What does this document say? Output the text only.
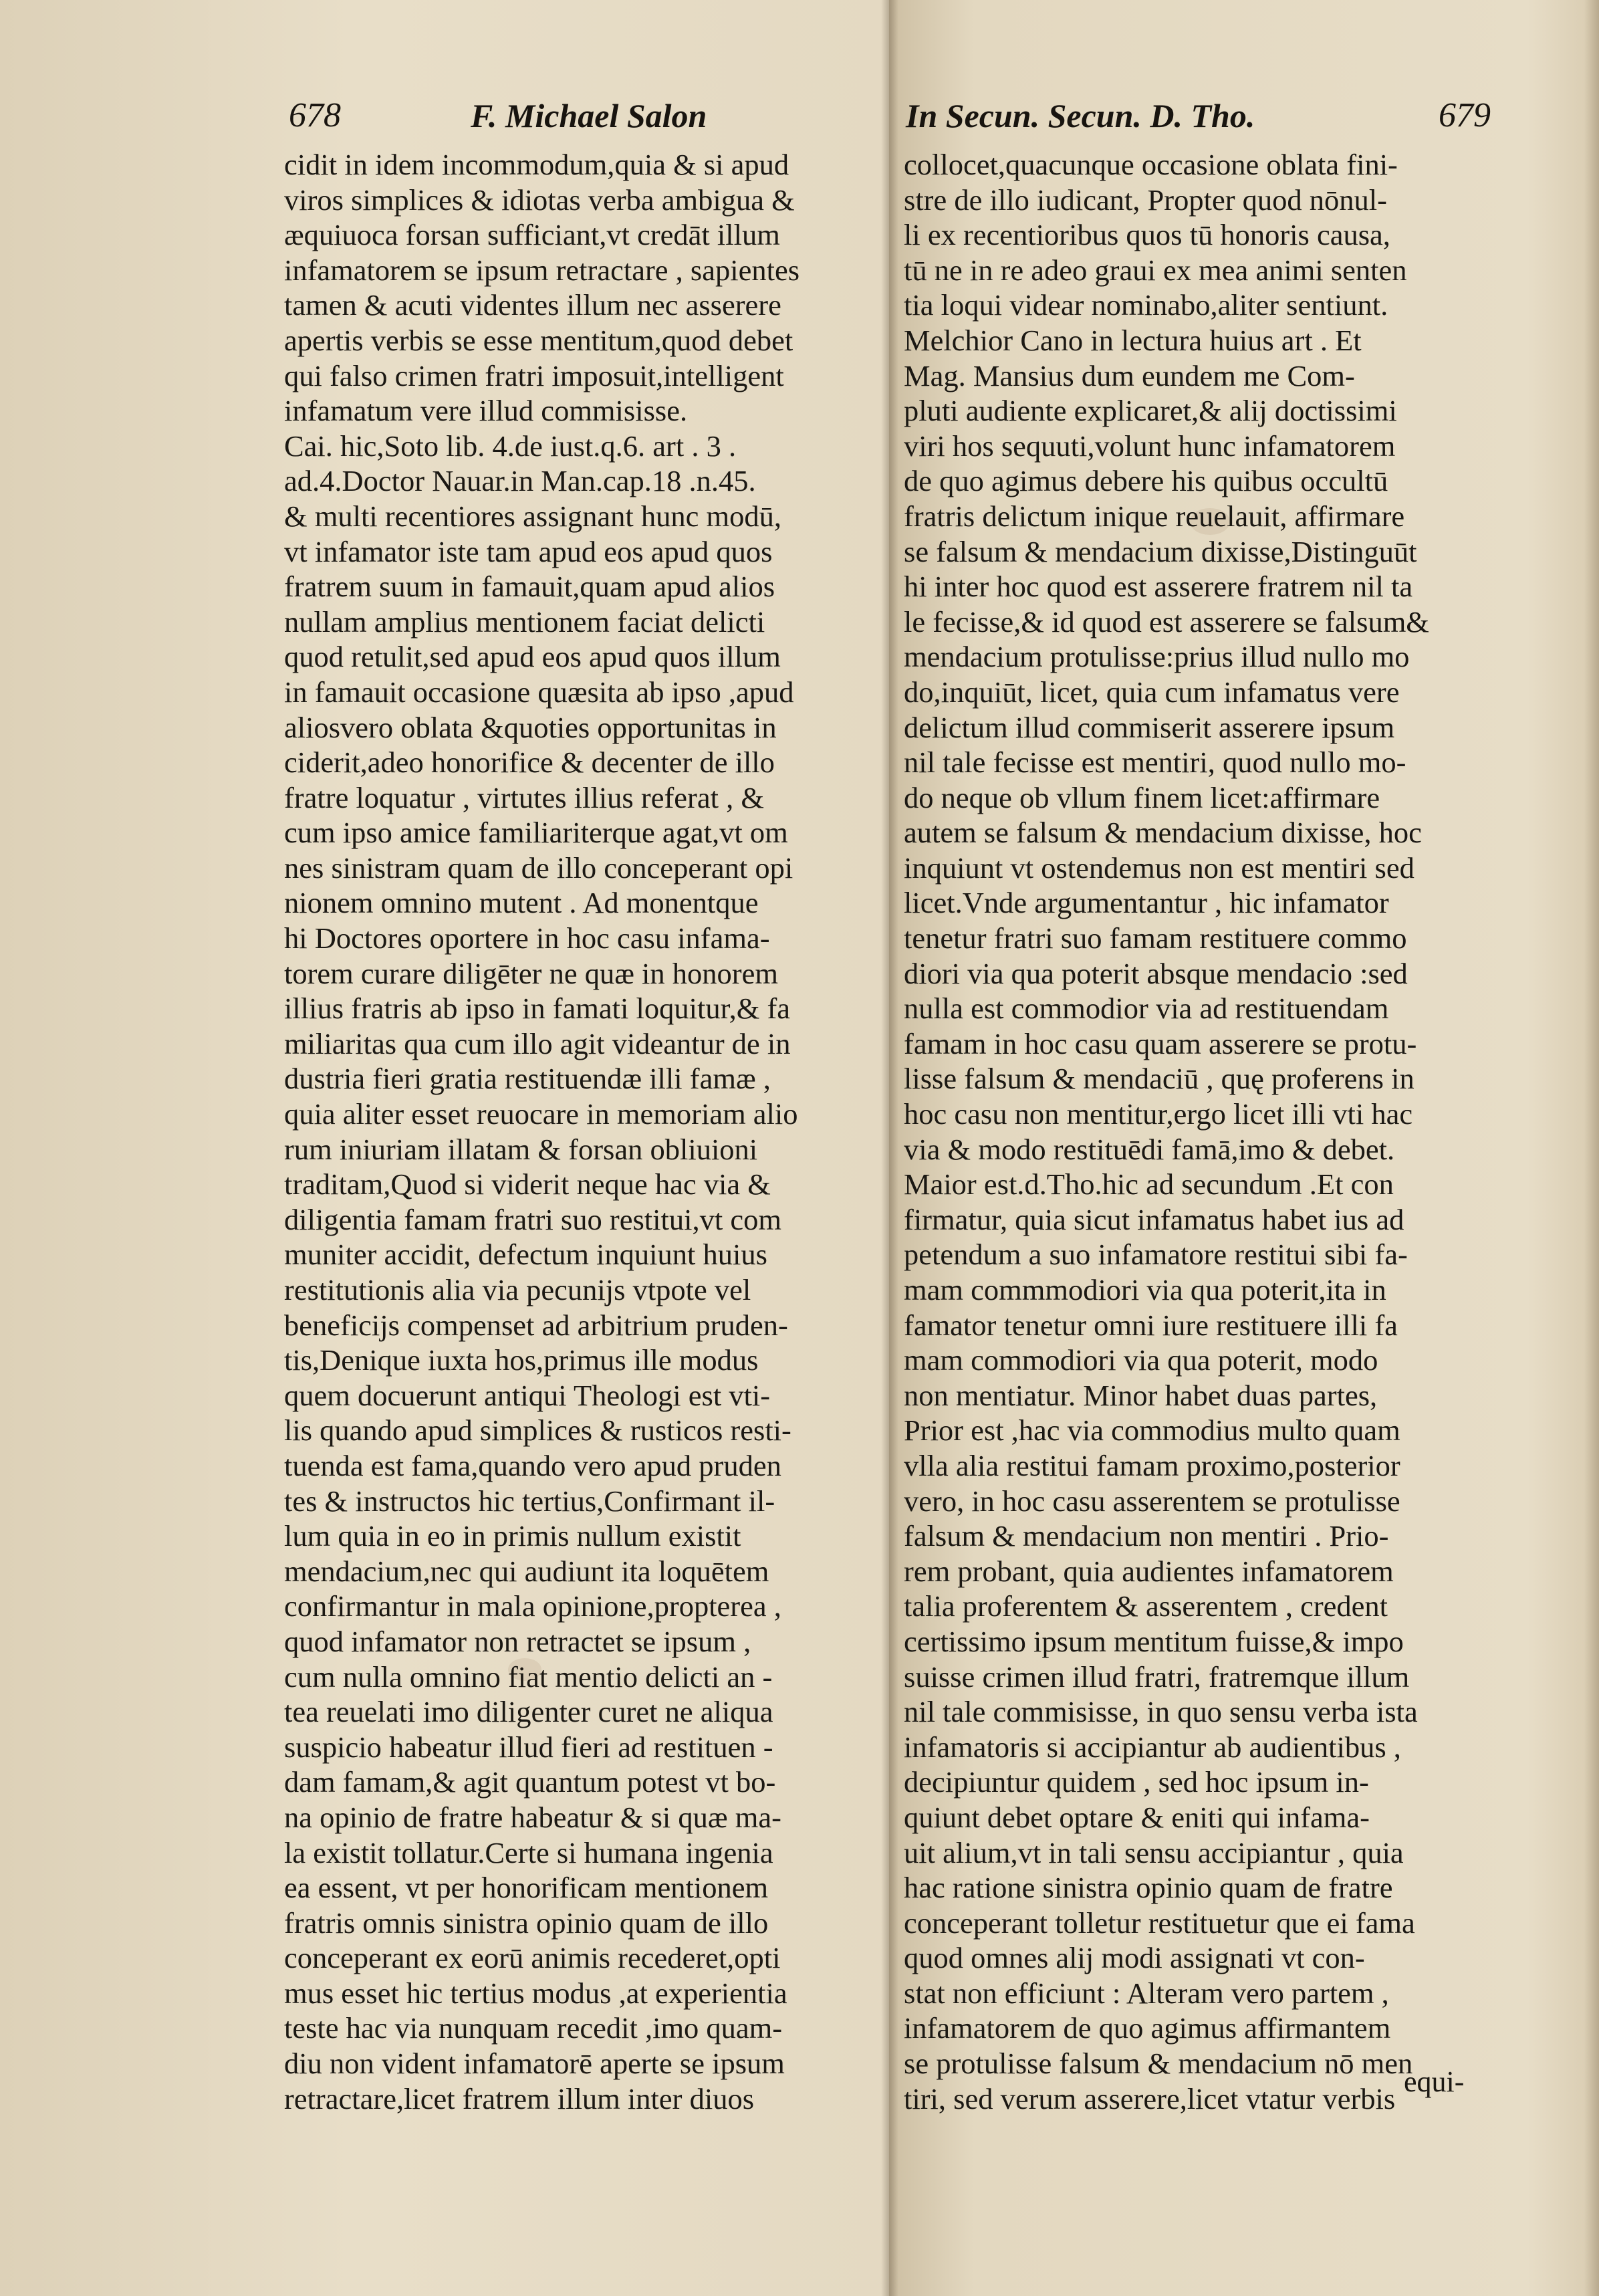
678	F. Michael Salon	In Secun. Secun. D. Tho.	679
cidit in idem incommodum,quia & si apud
viros simplices & idiotas verba ambigua &
æquiuoca forsan sufficiant,vt credāt illum
infamatorem se ipsum retractare , sapientes
tamen & acuti videntes illum nec asserere
apertis verbis se esse mentitum,quod debet
qui falso crimen fratri imposuit,intelligent
infamatum vere illud commisisse.
Cai. hic,Soto lib. 4.de iust.q.6. art . 3 .
ad.4.Doctor Nauar.in Man.cap.18 .n.45.
& multi recentiores assignant hunc modū,
vt infamator iste tam apud eos apud quos
fratrem suum in famauit,quam apud alios
nullam amplius mentionem faciat delicti
quod retulit,sed apud eos apud quos illum
in famauit occasione quæsita ab ipso ,apud
aliosvero oblata &quoties opportunitas in
ciderit,adeo honorifice & decenter de illo
fratre loquatur , virtutes illius referat , &
cum ipso amice familiariterque agat,vt om
nes sinistram quam de illo conceperant opi
nionem omnino mutent . Ad monentque
hi Doctores oportere in hoc casu infama-
torem curare diligēter ne quæ in honorem
illius fratris ab ipso in famati loquitur,& fa
miliaritas qua cum illo agit videantur de in
dustria fieri gratia restituendæ illi famæ ,
quia aliter esset reuocare in memoriam alio
rum iniuriam illatam & forsan obliuioni
traditam,Quod si viderit neque hac via &
diligentia famam fratri suo restitui,vt com
muniter accidit, defectum inquiunt huius
restitutionis alia via pecunijs vtpote vel
beneficijs compenset ad arbitrium pruden-
tis,Denique iuxta hos,primus ille modus
quem docuerunt antiqui Theologi est vti-
lis quando apud simplices & rusticos resti-
tuenda est fama,quando vero apud pruden
tes & instructos hic tertius,Confirmant il-
lum quia in eo in primis nullum existit
mendacium,nec qui audiunt ita loquētem
confirmantur in mala opinione,propterea ,
quod infamator non retractet se ipsum ,
cum nulla omnino fiat mentio delicti an -
tea reuelati imo diligenter curet ne aliqua
suspicio habeatur illud fieri ad restituen -
dam famam,& agit quantum potest vt bo-
na opinio de fratre habeatur & si quæ ma-
la existit tollatur.Certe si humana ingenia
ea essent, vt per honorificam mentionem
fratris omnis sinistra opinio quam de illo
conceperant ex eorū animis recederet,opti
mus esset hic tertius modus ,at experientia
teste hac via nunquam recedit ,imo quam-
diu non vident infamatorē aperte se ipsum
retractare,licet fratrem illum inter diuos
collocet,quacunque occasione oblata fini-
stre de illo iudicant, Propter quod nōnul-
li ex recentioribus quos tū honoris causa,
tū ne in re adeo graui ex mea animi senten
tia loqui videar nominabo,aliter sentiunt.
Melchior Cano in lectura huius art . Et
Mag. Mansius dum eundem me Com-
pluti audiente explicaret,& alij doctissimi
viri hos sequuti,volunt hunc infamatorem
de quo agimus debere his quibus occultū
fratris delictum inique reuelauit, affirmare
se falsum & mendacium dixisse,Distinguūt
hi inter hoc quod est asserere fratrem nil ta
le fecisse,& id quod est asserere se falsum&
mendacium protulisse:prius illud nullo mo
do,inquiūt, licet, quia cum infamatus vere
delictum illud commiserit asserere ipsum
nil tale fecisse est mentiri, quod nullo mo-
do neque ob vllum finem licet:affirmare
autem se falsum & mendacium dixisse, hoc
inquiunt vt ostendemus non est mentiri sed
licet.Vnde argumentantur , hic infamator
tenetur fratri suo famam restituere commo
diori via qua poterit absque mendacio :sed
nulla est commodior via ad restituendam
famam in hoc casu quam asserere se protu-
lisse falsum & mendaciū , quę proferens in
hoc casu non mentitur,ergo licet illi vti hac
via & modo restituēdi famā,imo & debet.
Maior est.d.Tho.hic ad secundum .Et con
firmatur, quia sicut infamatus habet ius ad
petendum a suo infamatore restitui sibi fa-
mam commmodiori via qua poterit,ita in
famator tenetur omni iure restituere illi fa
mam commodiori via qua poterit, modo
non mentiatur. Minor habet duas partes,
Prior est ,hac via commodius multo quam
vlla alia restitui famam proximo,posterior
vero, in hoc casu asserentem se protulisse
falsum & mendacium non mentiri . Prio-
rem probant, quia audientes infamatorem
talia proferentem & asserentem , credent
certissimo ipsum mentitum fuisse,& impo
suisse crimen illud fratri, fratremque illum
nil tale commisisse, in quo sensu verba ista
infamatoris si accipiantur ab audientibus ,
decipiuntur quidem , sed hoc ipsum in-
quiunt debet optare & eniti qui infama-
uit alium,vt in tali sensu accipiantur , quia
hac ratione sinistra opinio quam de fratre
conceperant tolletur restituetur que ei fama
quod omnes alij modi assignati vt con-
stat non efficiunt : Alteram vero partem ,
infamatorem de quo agimus affirmantem
se protulisse falsum & mendacium nō men
tiri, sed verum asserere,licet vtatur verbis
equi-
